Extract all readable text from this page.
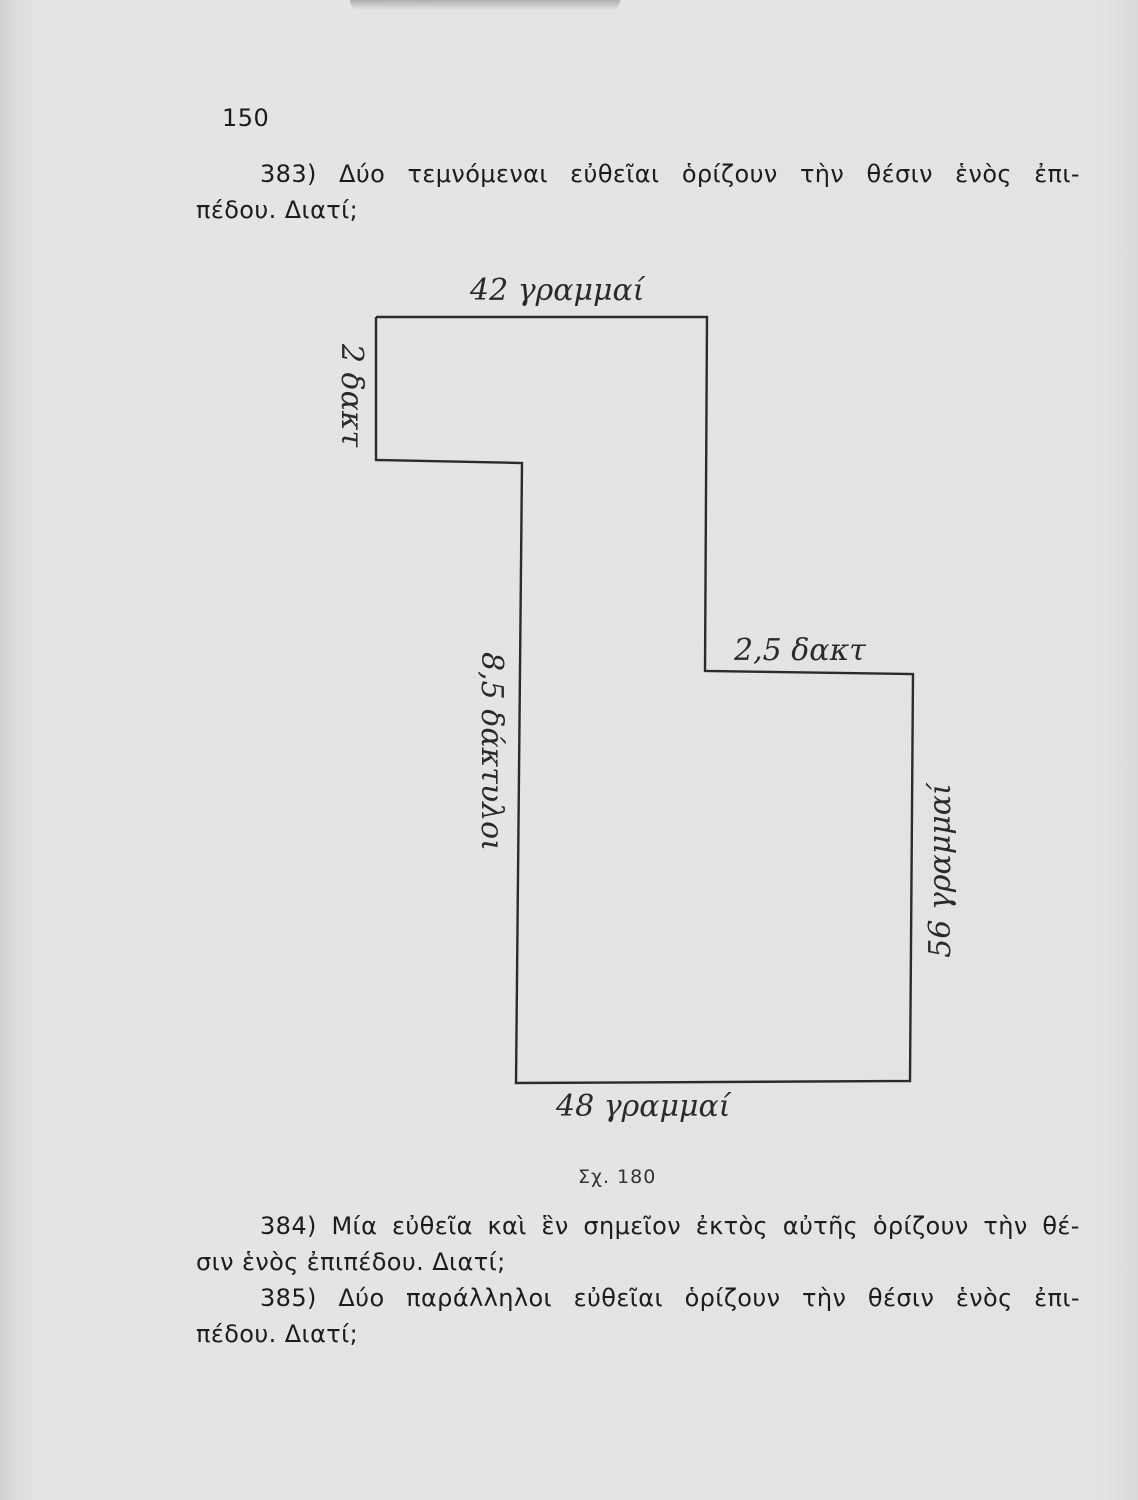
150
383) Δύο τεμνόμεναι εὐθεῖαι ὁρίζουν τὴν θέσιν ἑνὸς ἐπι-
πέδου. Διατί;
42 γραμμαί
2 δακτ
8,5 δάκτυλοι
2,5 δακτ
56 γραμμαί
48 γραμμαί
Σχ. 180
384) Μία εὐθεῖα καὶ ἓν σημεῖον ἐκτὸς αὐτῆς ὁρίζουν τὴν θέ-
σιν ἑνὸς ἐπιπέδου. Διατί;
385) Δύο παράλληλοι εὐθεῖαι ὁρίζουν τὴν θέσιν ἑνὸς ἐπι-
πέδου. Διατί;
